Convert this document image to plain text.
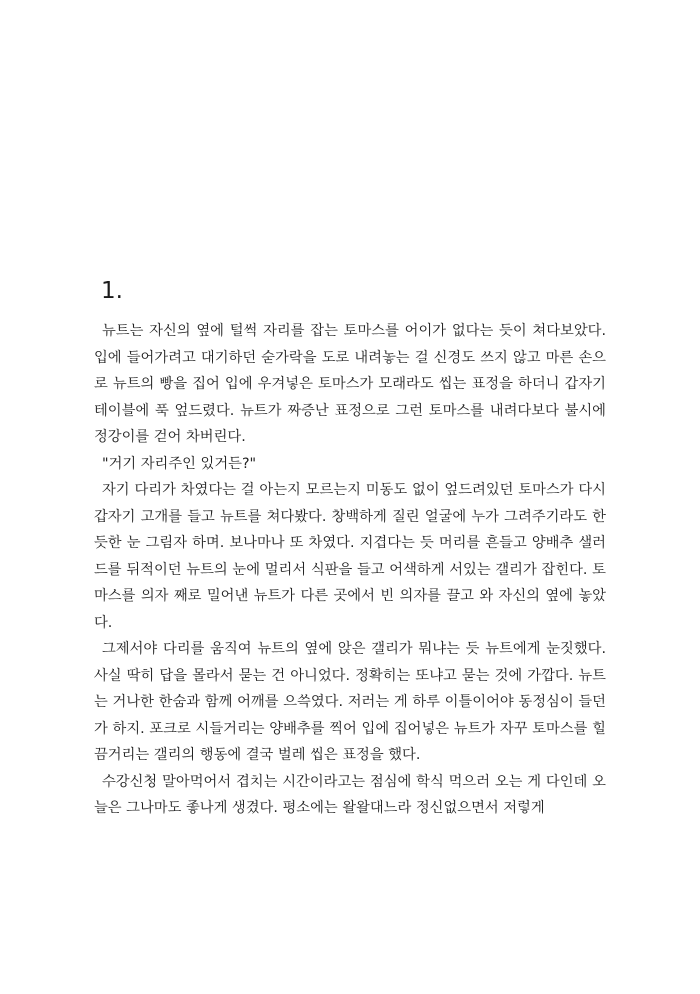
1.

뉴트는 자신의 옆에 털썩 자리를 잡는 토마스를 어이가 없다는 듯이 쳐다보았다. 입에 들어가려고 대기하던 숟가락을 도로 내려놓는 걸 신경도 쓰지 않고 마른 손으로 뉴트의 빵을 집어 입에 우겨넣은 토마스가 모래라도 씹는 표정을 하더니 갑자기 테이블에 푹 엎드렸다. 뉴트가 짜증난 표정으로 그런 토마스를 내려다보다 불시에 정강이를 걷어 차버린다.

"거기 자리주인 있거든?"

자기 다리가 차였다는 걸 아는지 모르는지 미동도 없이 엎드려있던 토마스가 다시 갑자기 고개를 들고 뉴트를 쳐다봤다. 창백하게 질린 얼굴에 누가 그려주기라도 한 듯한 눈 그림자 하며. 보나마나 또 차였다. 지겹다는 듯 머리를 흔들고 양배추 샐러드를 뒤적이던 뉴트의 눈에 멀리서 식판을 들고 어색하게 서있는 갤리가 잡힌다. 토마스를 의자 째로 밀어낸 뉴트가 다른 곳에서 빈 의자를 끌고 와 자신의 옆에 놓았다.

그제서야 다리를 움직여 뉴트의 옆에 앉은 갤리가 뭐냐는 듯 뉴트에게 눈짓했다. 사실 딱히 답을 몰라서 묻는 건 아니었다. 정확히는 또냐고 묻는 것에 가깝다. 뉴트는 거나한 한숨과 함께 어깨를 으쓱였다. 저러는 게 하루 이틀이어야 동정심이 들던가 하지. 포크로 시들거리는 양배추를 찍어 입에 집어넣은 뉴트가 자꾸 토마스를 힐끔거리는 갤리의 행동에 결국 벌레 씹은 표정을 했다.

수강신청 말아먹어서 겹치는 시간이라고는 점심에 학식 먹으러 오는 게 다인데 오늘은 그나마도 좋나게 생겼다. 평소에는 왈왈대느라 정신없으면서 저렇게
